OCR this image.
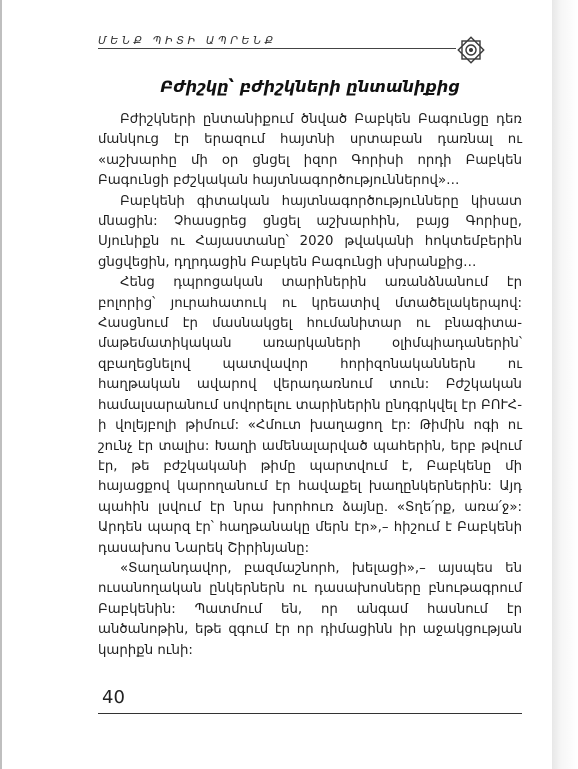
ՄԵՆՔ ՊԻՏԻ ԱՊՐԵՆՔ
Բժիշկը՝ բժիշկների ընտանիքից

Բժիշկների ընտանիքում ծնված Բաբկեն Բագունցը դեռ մանկուց էր երազում հայտնի սրտաբան դառնալ ու «աշխարհը մի օր ցնցել իզոր Գորիսի որդի Բաբկեն Բագունցի բժշկական հայտնագործություններով»…

Բաբկենի գիտական հայտնագործությունները կիսատ մնացին: Չհասցրեց ցնցել աշխարհին, բայց Գորիսը, Սյունիքն ու Հայաստանը՝ 2020 թվականի հոկտեմբերին ցնցվեցին, դղրդացին Բաբկեն Բագունցի սխրանքից…

Հենց դպրոցական տարիներին առանձնանում էր բոլորից՝ յուրահատուկ ու կրեատիվ մտածելակերպով: Հասցնում էր մասնակցել հումանիտար ու բնագիտա-մաթեմատիկական առարկաների օլիմպիադաներին՝ զբաղեցնելով պատվավոր հորիզոնականներն ու հաղթական ավարով վերադառնում տուն: Բժշկական համալսարանում սովորելու տարիներին ընդգրկվել էր ԲՈՒՀ-ի վոլեյբոլի թիմում: «Հմուտ խաղացող էր: Թիմին ոգի ու շունչ էր տալիս: Խաղի ամենալարված պահերին, երբ թվում էր, թե բժշկականի թիմը պարտվում է, Բաբկենը մի հայացքով կարողանում էր հավաքել խաղընկերներին: Այդ պահին լսվում էր նրա խորհուռ ձայնը. «Տղե՛րք, առա՛ջ»: Արդեն պարզ էր՝ հաղթանակը մերն էր»,– հիշում է Բաբկենի դասախոս Նարեկ Շիրինյանը:

«Տաղանդավոր, բազմաշնորհ, խելացի»,– այսպես են ուսանողական ընկերներն ու դասախոսները բնութագրում Բաբկենին: Պատմում են, որ անգամ հասնում էր անծանոթին, եթե զգում էր որ դիմացինն իր աջակցության կարիքն ունի:

40
